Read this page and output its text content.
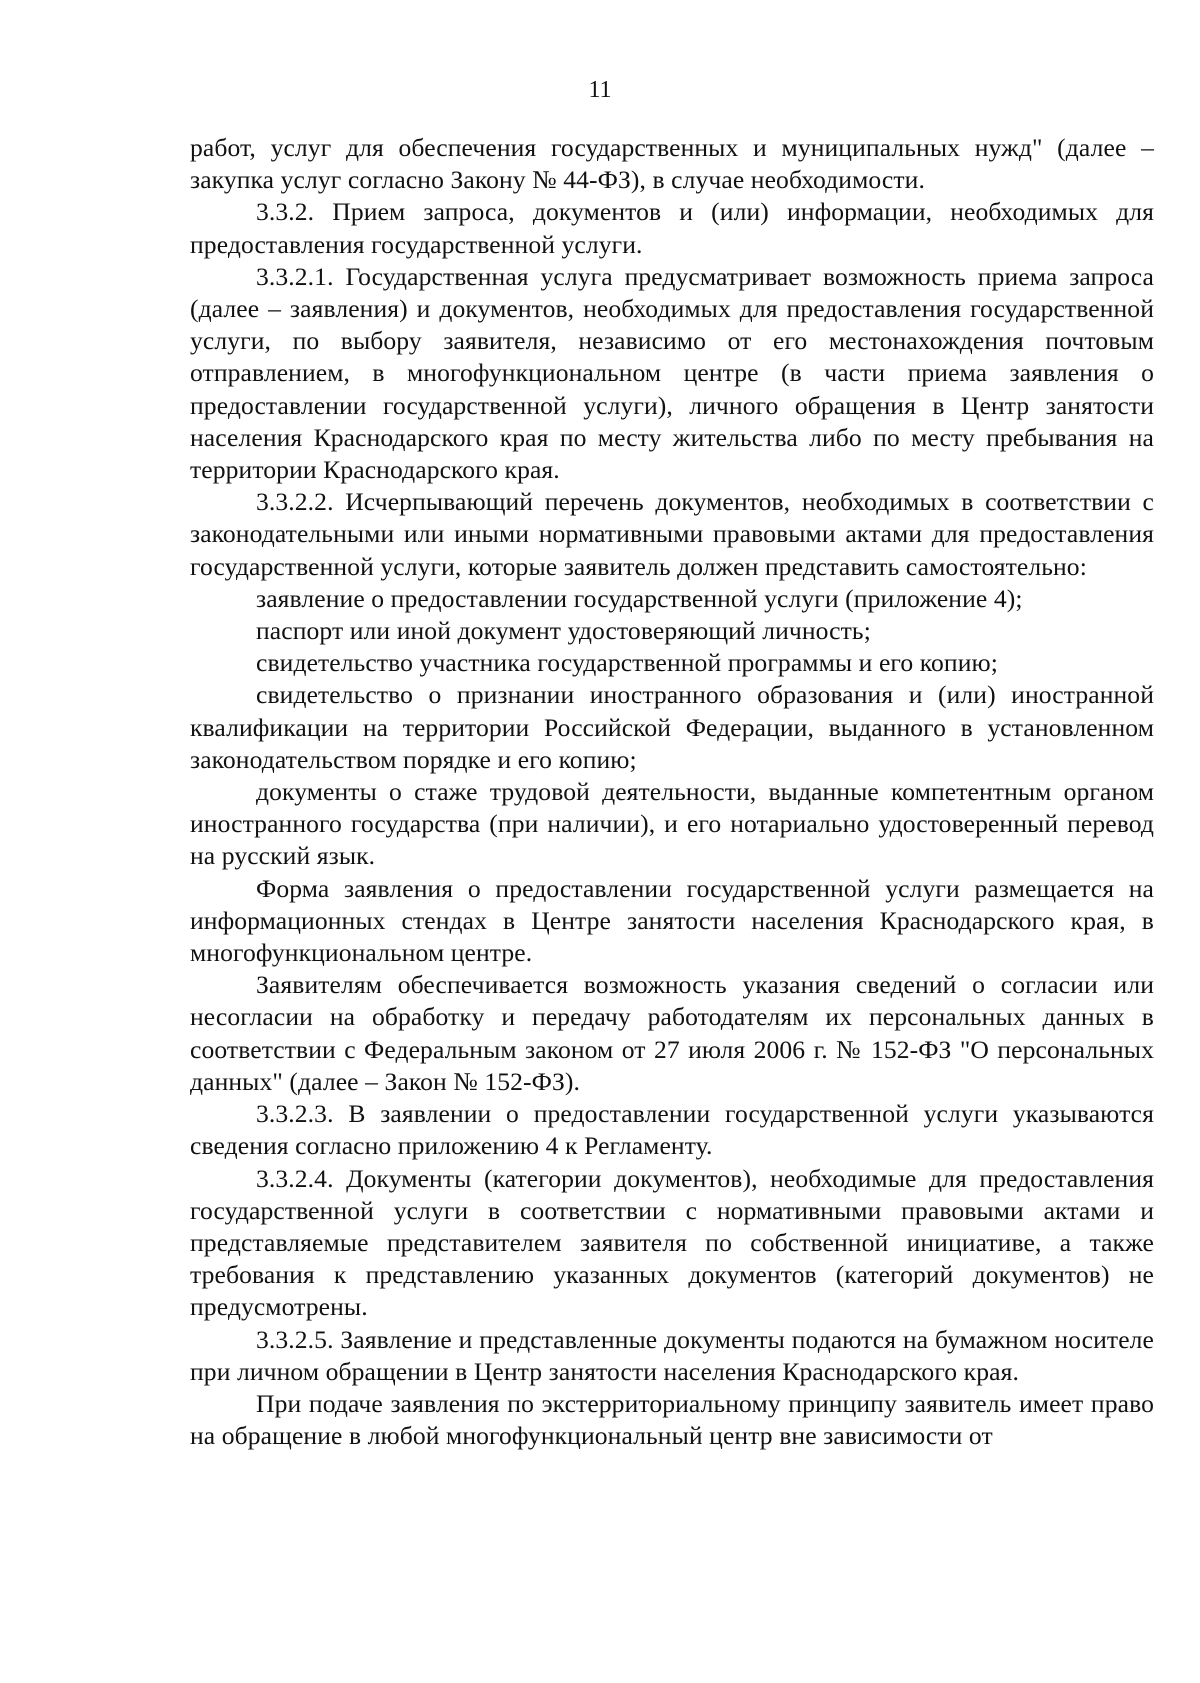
11

работ, услуг для обеспечения государственных и муниципальных нужд" (далее – закупка услуг согласно Закону № 44-ФЗ), в случае необходимости.

3.3.2. Прием запроса, документов и (или) информации, необходимых для предоставления государственной услуги.

3.3.2.1. Государственная услуга предусматривает возможность приема запроса (далее – заявления) и документов, необходимых для предоставления государственной услуги, по выбору заявителя, независимо от его местонахождения почтовым отправлением, в многофункциональном центре (в части приема заявления о предоставлении государственной услуги), личного обращения в Центр занятости населения Краснодарского края по месту жительства либо по месту пребывания на территории Краснодарского края.

3.3.2.2. Исчерпывающий перечень документов, необходимых в соответствии с законодательными или иными нормативными правовыми актами для предоставления государственной услуги, которые заявитель должен представить самостоятельно:

заявление о предоставлении государственной услуги (приложение 4);

паспорт или иной документ удостоверяющий личность;

свидетельство участника государственной программы и его копию;

свидетельство о признании иностранного образования и (или) иностранной квалификации на территории Российской Федерации, выданного в установленном законодательством порядке и его копию;

документы о стаже трудовой деятельности, выданные компетентным органом иностранного государства (при наличии), и его нотариально удостоверенный перевод на русский язык.

Форма заявления о предоставлении государственной услуги размещается на информационных стендах в Центре занятости населения Краснодарского края, в многофункциональном центре.

Заявителям обеспечивается возможность указания сведений о согласии или несогласии на обработку и передачу работодателям их персональных данных в соответствии с Федеральным законом от 27 июля 2006 г. № 152-ФЗ "О персональных данных" (далее – Закон № 152-ФЗ).

3.3.2.3. В заявлении о предоставлении государственной услуги указываются сведения согласно приложению 4 к Регламенту.

3.3.2.4. Документы (категории документов), необходимые для предоставления государственной услуги в соответствии с нормативными правовыми актами и представляемые представителем заявителя по собственной инициативе, а также требования к представлению указанных документов (категорий документов) не предусмотрены.

3.3.2.5. Заявление и представленные документы подаются на бумажном носителе при личном обращении в Центр занятости населения Краснодарского края.

При подаче заявления по экстерриториальному принципу заявитель имеет право на обращение в любой многофункциональный центр вне зависимости от
